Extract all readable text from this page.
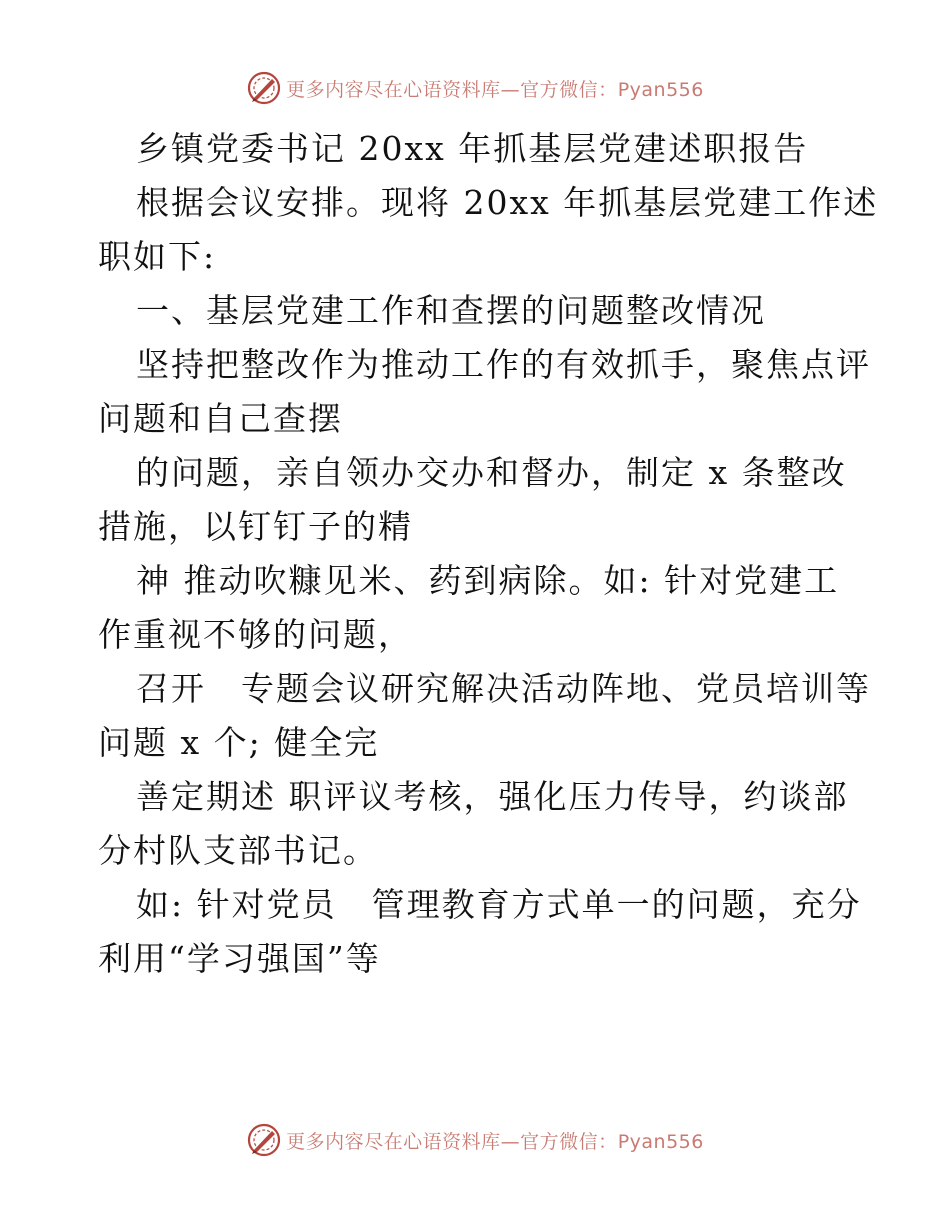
更多内容尽在心语资料库—官方微信：Pyan556
乡镇党委书记 20xx 年抓基层党建述职报告
根据会议安排。现将 20xx 年抓基层党建工作述
职如下:
一、基层党建工作和查摆的问题整改情况
坚持把整改作为推动工作的有效抓手，聚焦点评
问题和自己查摆
的问题，亲自领办交办和督办，制定 x 条整改
措施，以钉钉子的精
神 推动吹糠见米、药到病除。如: 针对党建工
作重视不够的问题，
召开　专题会议研究解决活动阵地、党员培训等
问题 x 个; 健全完
善定期述 职评议考核，强化压力传导，约谈部
分村队支部书记。
如: 针对党员　管理教育方式单一的问题，充分
利用“学习强国”等
更多内容尽在心语资料库—官方微信：Pyan556
